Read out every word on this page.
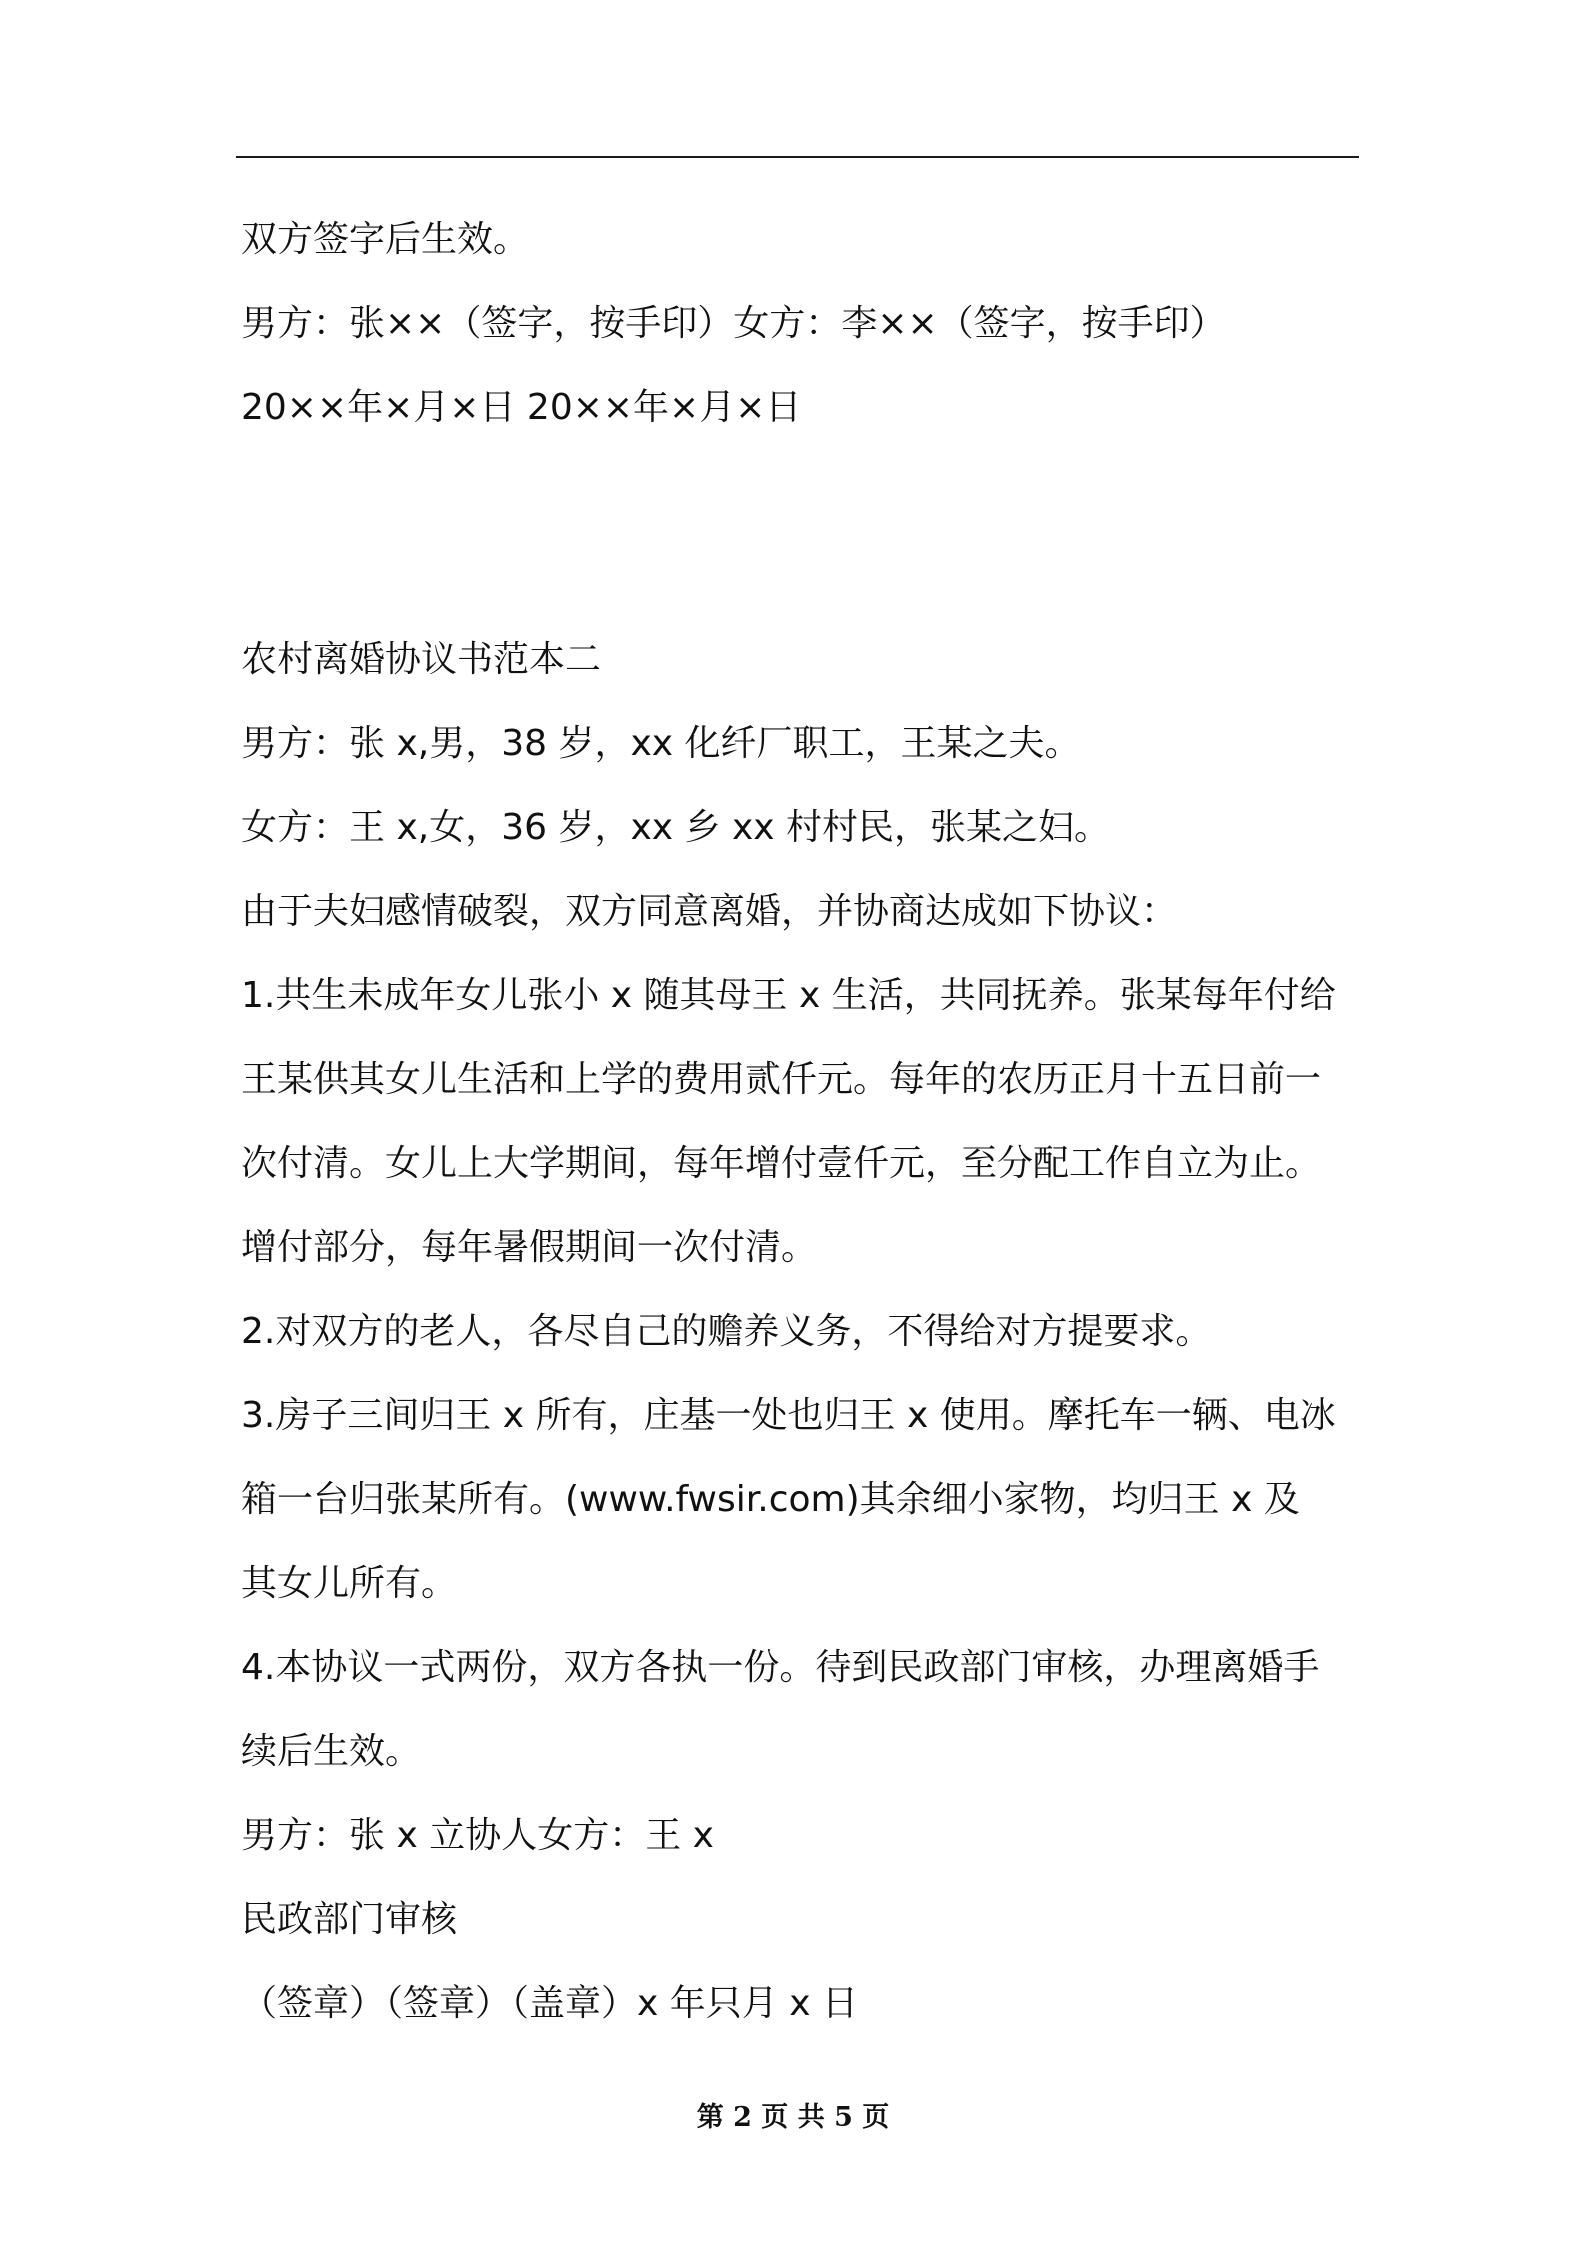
双方签字后生效。
男方：张××（签字，按手印）女方：李××（签字，按手印）
20××年×月×日 20××年×月×日
农村离婚协议书范本二
男方：张 x,男，38 岁，xx 化纤厂职工，王某之夫。
女方：王 x,女，36 岁，xx 乡 xx 村村民，张某之妇。
由于夫妇感情破裂，双方同意离婚，并协商达成如下协议：
1.共生未成年女儿张小 x 随其母王 x 生活，共同抚养。张某每年付给
王某供其女儿生活和上学的费用贰仟元。每年的农历正月十五日前一
次付清。女儿上大学期间，每年增付壹仟元，至分配工作自立为止。
增付部分，每年暑假期间一次付清。
2.对双方的老人，各尽自己的赡养义务，不得给对方提要求。
3.房子三间归王 x 所有，庄基一处也归王 x 使用。摩托车一辆、电冰
箱一台归张某所有。(www.fwsir.com)其余细小家物，均归王 x 及
其女儿所有。
4.本协议一式两份，双方各执一份。待到民政部门审核，办理离婚手
续后生效。
男方：张 x 立协人女方：王 x
民政部门审核
（签章）（签章）（盖章）x 年只月 x 日
第 2 页 共 5 页
